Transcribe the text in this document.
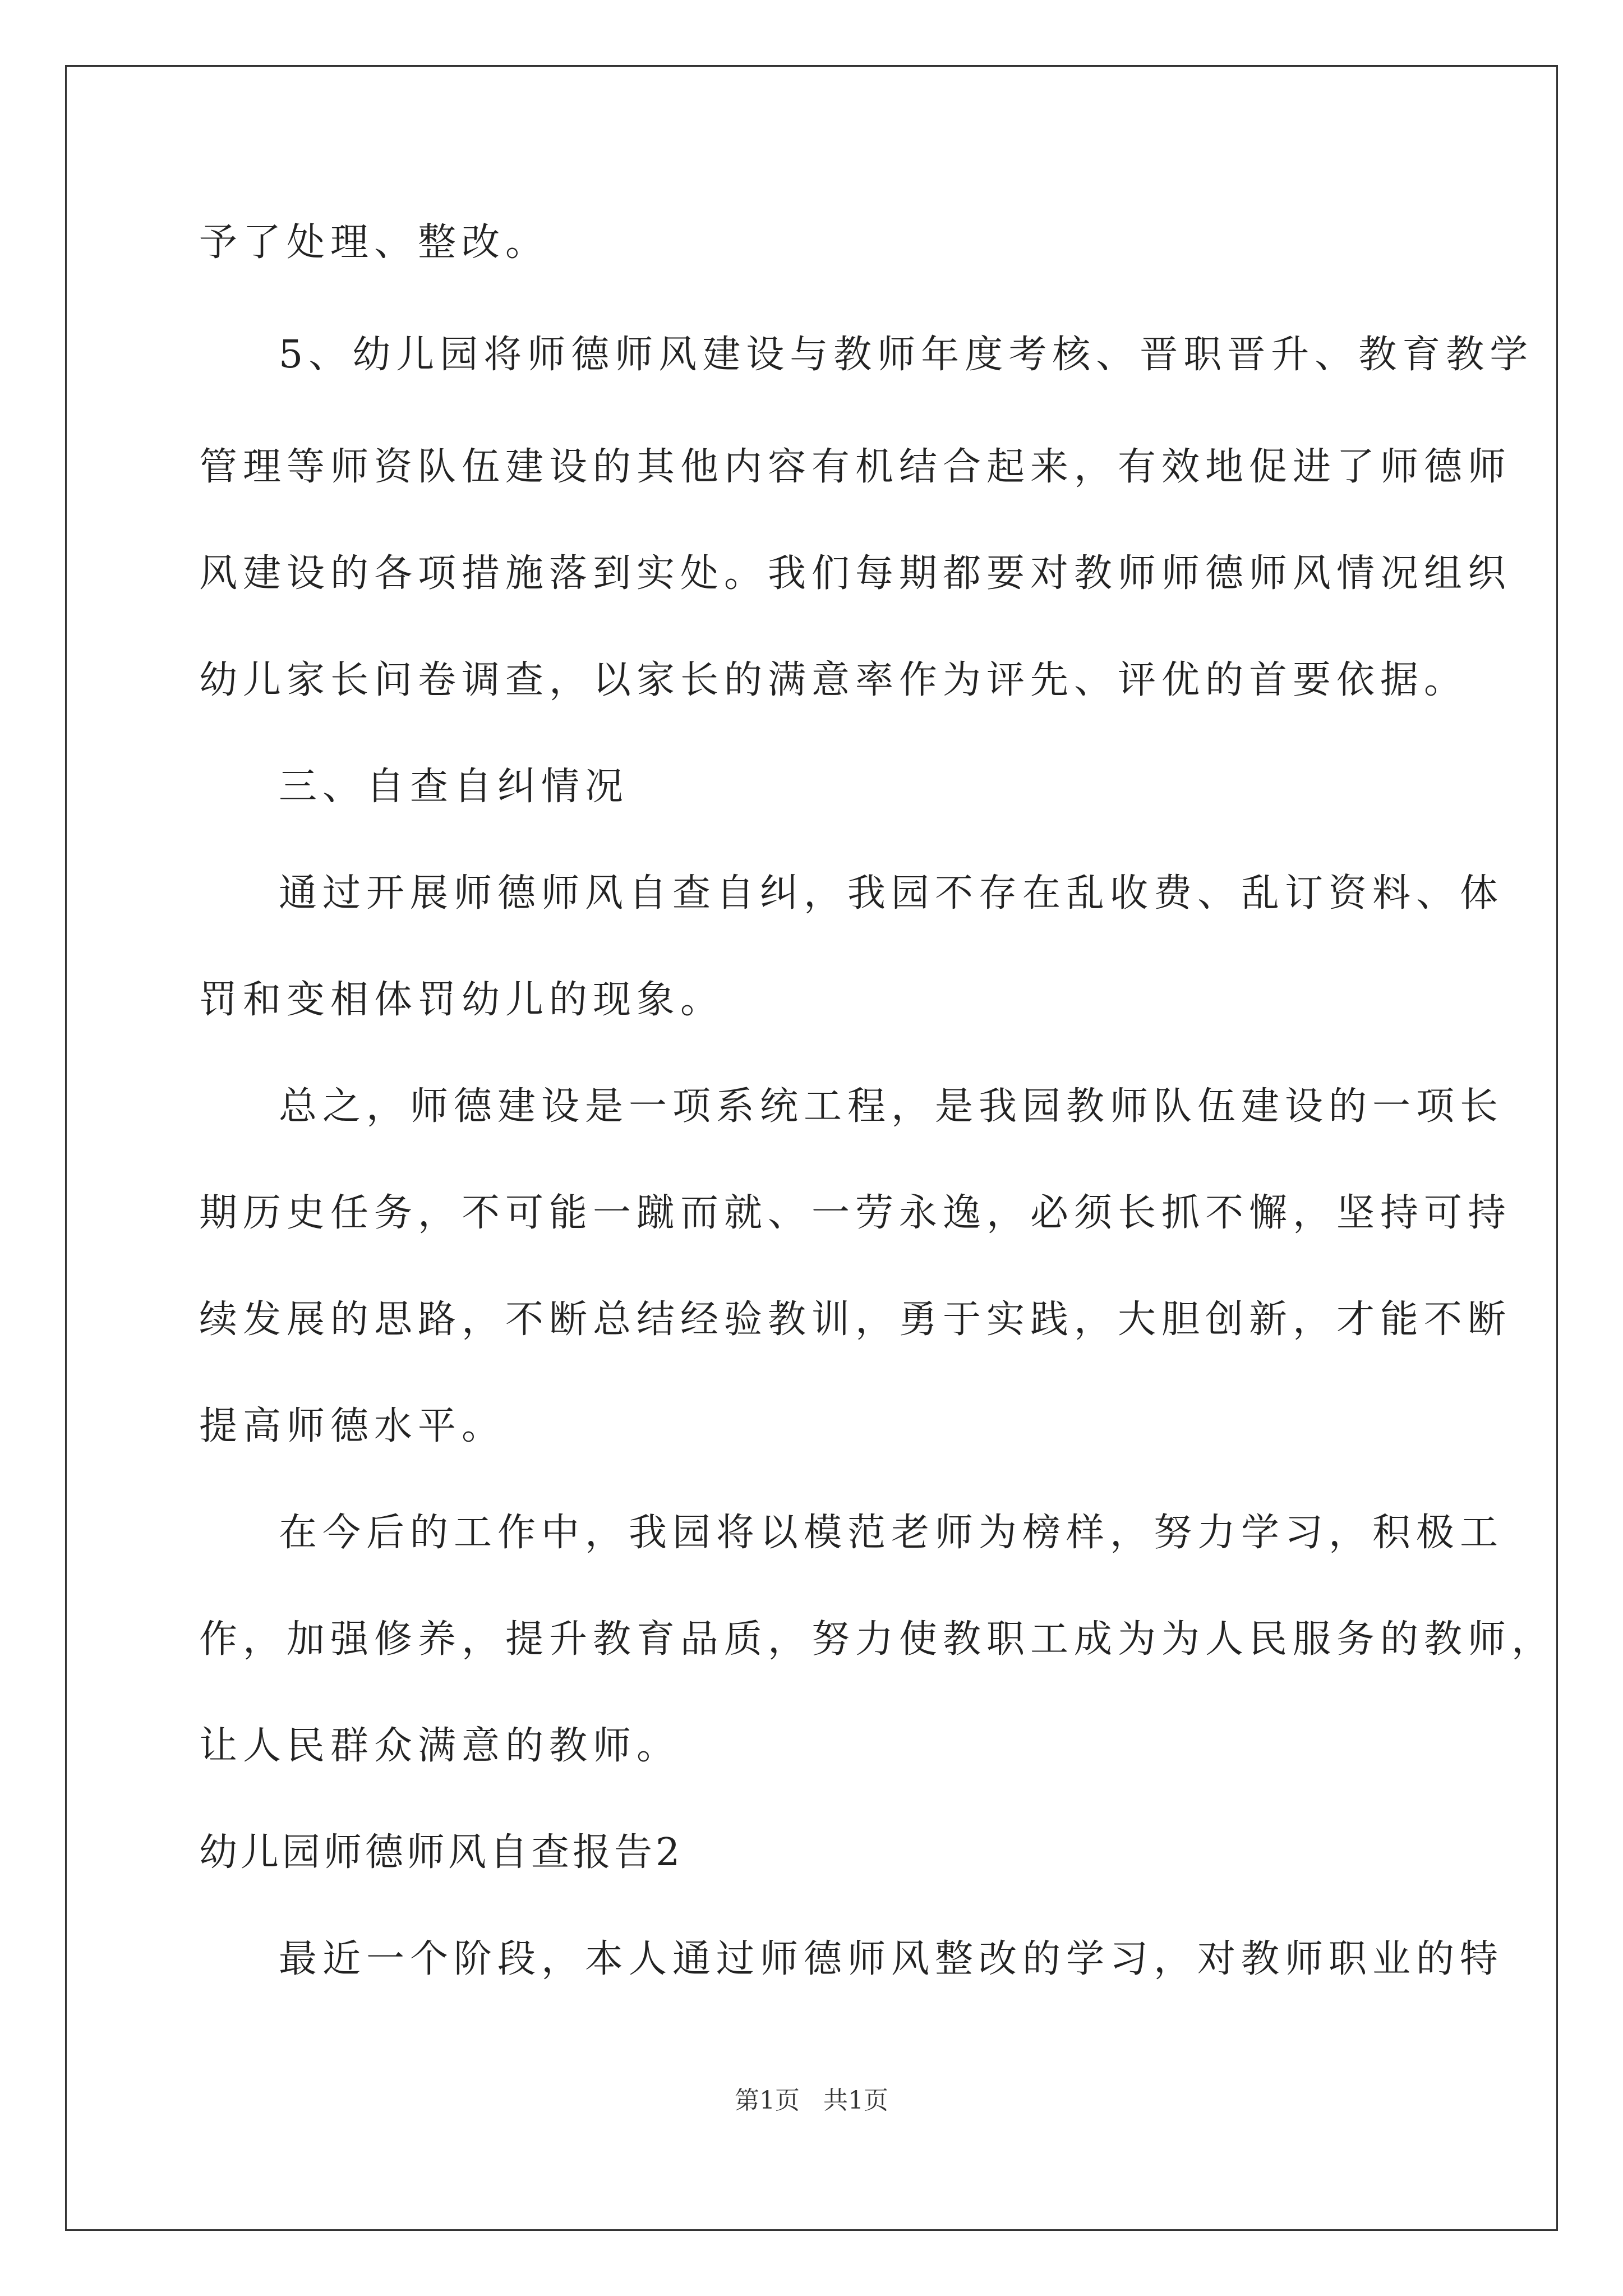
予了处理、整改。
5、幼儿园将师德师风建设与教师年度考核、晋职晋升、教育教学
管理等师资队伍建设的其他内容有机结合起来，有效地促进了师德师
风建设的各项措施落到实处。我们每期都要对教师师德师风情况组织
幼儿家长问卷调查，以家长的满意率作为评先、评优的首要依据。
三、自查自纠情况
通过开展师德师风自查自纠，我园不存在乱收费、乱订资料、体
罚和变相体罚幼儿的现象。
总之，师德建设是一项系统工程，是我园教师队伍建设的一项长
期历史任务，不可能一蹴而就、一劳永逸，必须长抓不懈，坚持可持
续发展的思路，不断总结经验教训，勇于实践，大胆创新，才能不断
提高师德水平。
在今后的工作中，我园将以模范老师为榜样，努力学习，积极工
作，加强修养，提升教育品质，努力使教职工成为为人民服务的教师，
让人民群众满意的教师。
幼儿园师德师风自查报告2
最近一个阶段，本人通过师德师风整改的学习，对教师职业的特
第1页 共1页
